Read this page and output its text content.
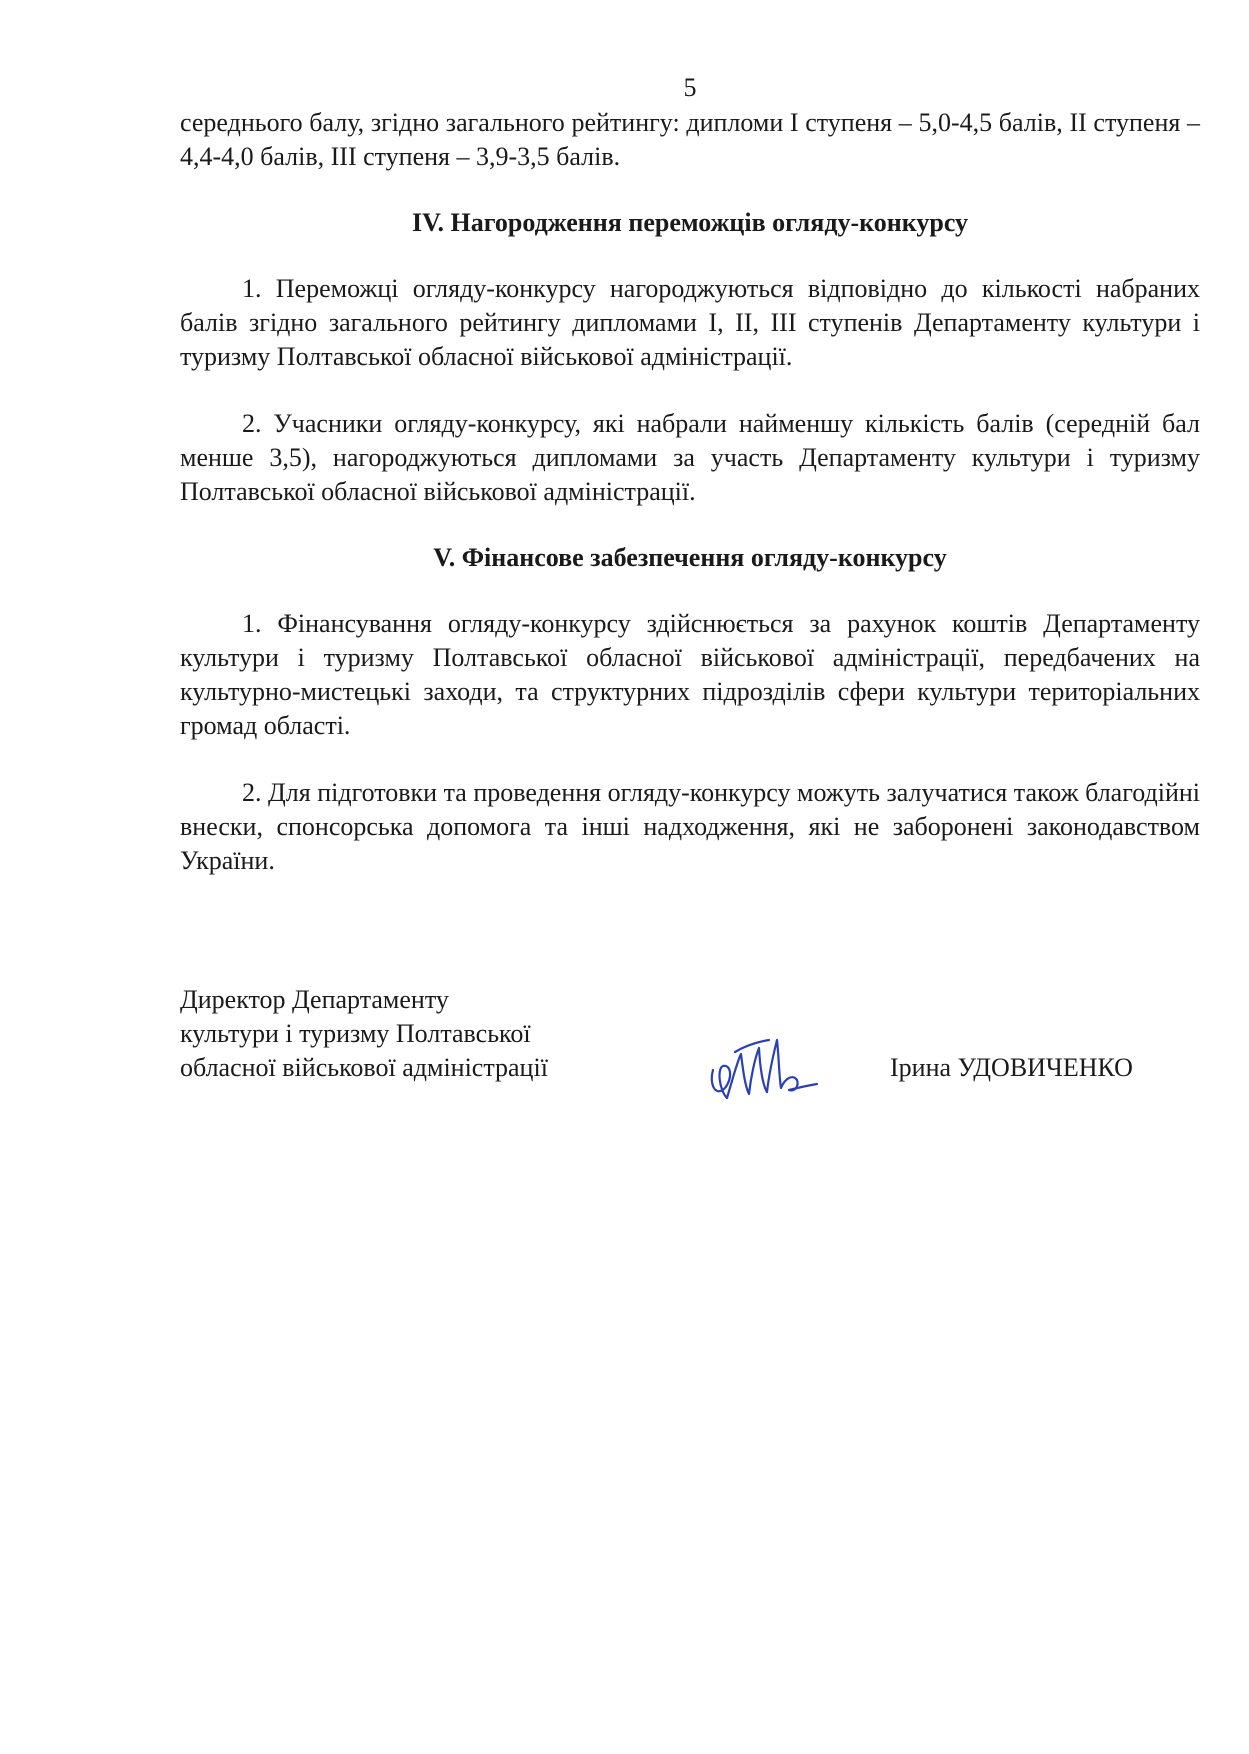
5

середнього балу, згідно загального рейтингу: дипломи І ступеня – 5,0-4,5 балів, ІІ ступеня – 4,4-4,0 балів, ІІІ ступеня – 3,9-3,5 балів.

IV. Нагородження переможців огляду-конкурсу

1. Переможці огляду-конкурсу нагороджуються відповідно до кількості набраних балів згідно загального рейтингу дипломами І, ІІ, ІІІ ступенів Департаменту культури і туризму Полтавської обласної військової адміністрації.

2. Учасники огляду-конкурсу, які набрали найменшу кількість балів (середній бал менше 3,5), нагороджуються дипломами за участь Департаменту культури і туризму Полтавської обласної військової адміністрації.

V. Фінансове забезпечення огляду-конкурсу

1. Фінансування огляду-конкурсу здійснюється за рахунок коштів Департаменту культури і туризму Полтавської обласної військової адміністрації, передбачених на культурно-мистецькі заходи, та структурних підрозділів сфери культури територіальних громад області.

2. Для підготовки та проведення огляду-конкурсу можуть залучатися також благодійні внески, спонсорська допомога та інші надходження, які не заборонені законодавством України.

Директор Департаменту
культури і туризму Полтавської
обласної військової адміністрації	Ірина УДОВИЧЕНКО
